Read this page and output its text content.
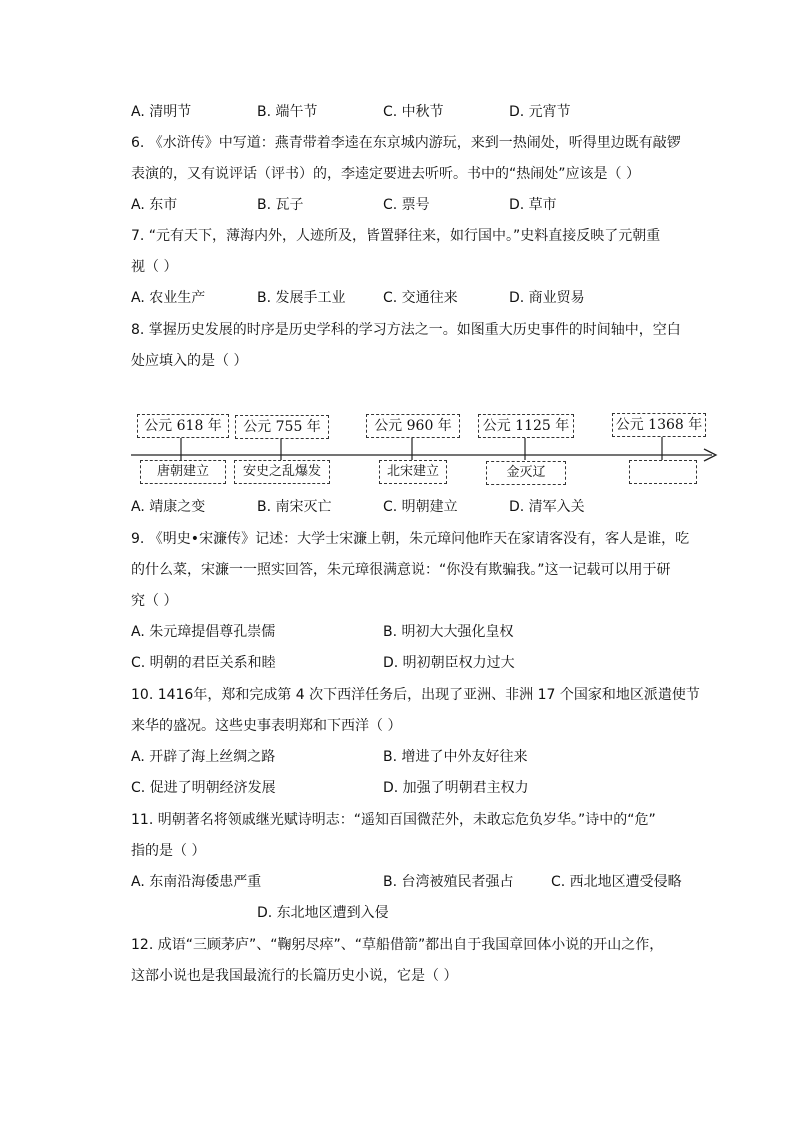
A. 清明节	B. 端午节	C. 中秋节	D. 元宵节
6. 《水浒传》中写道：燕青带着李逵在东京城内游玩，来到一热闹处，听得里边既有敲锣
表演的，又有说评话（评书）的，李逵定要进去听听。书中的“热闹处”应该是（ ）
A. 东市	B. 瓦子	C. 票号	D. 草市
7. “元有天下，薄海内外，人迹所及，皆置驿往来，如行国中。”史料直接反映了元朝重
视（ ）
A. 农业生产	B. 发展手工业	C. 交通往来	D. 商业贸易
8. 掌握历史发展的时序是历史学科的学习方法之一。如图重大历史事件的时间轴中，空白
处应填入的是（ ）
公元 618 年	公元 755 年	公元 960 年	公元 1125 年	公元 1368 年
唐朝建立	安史之乱爆发	北宋建立	金灭辽
A. 靖康之变	B. 南宋灭亡	C. 明朝建立	D. 清军入关
9. 《明史•宋濂传》记述：大学士宋濂上朝，朱元璋问他昨天在家请客没有，客人是谁，吃
的什么菜，宋濂一一照实回答，朱元璋很满意说：“你没有欺骗我。”这一记载可以用于研
究（ ）
A. 朱元璋提倡尊孔崇儒	B. 明初大大强化皇权
C. 明朝的君臣关系和睦	D. 明初朝臣权力过大
10. 1416年，郑和完成第 4 次下西洋任务后，出现了亚洲、非洲 17 个国家和地区派遣使节
来华的盛况。这些史事表明郑和下西洋（ ）
A. 开辟了海上丝绸之路	B. 增进了中外友好往来
C. 促进了明朝经济发展	D. 加强了明朝君主权力
11. 明朝著名将领戚继光赋诗明志：“遥知百国微茫外，未敢忘危负岁华。”诗中的“危”
指的是（ ）
A. 东南沿海倭患严重	B. 台湾被殖民者强占	C. 西北地区遭受侵略
D. 东北地区遭到入侵
12. 成语“三顾茅庐”、“鞠躬尽瘁”、“草船借箭”都出自于我国章回体小说的开山之作，
这部小说也是我国最流行的长篇历史小说，它是（ ）
